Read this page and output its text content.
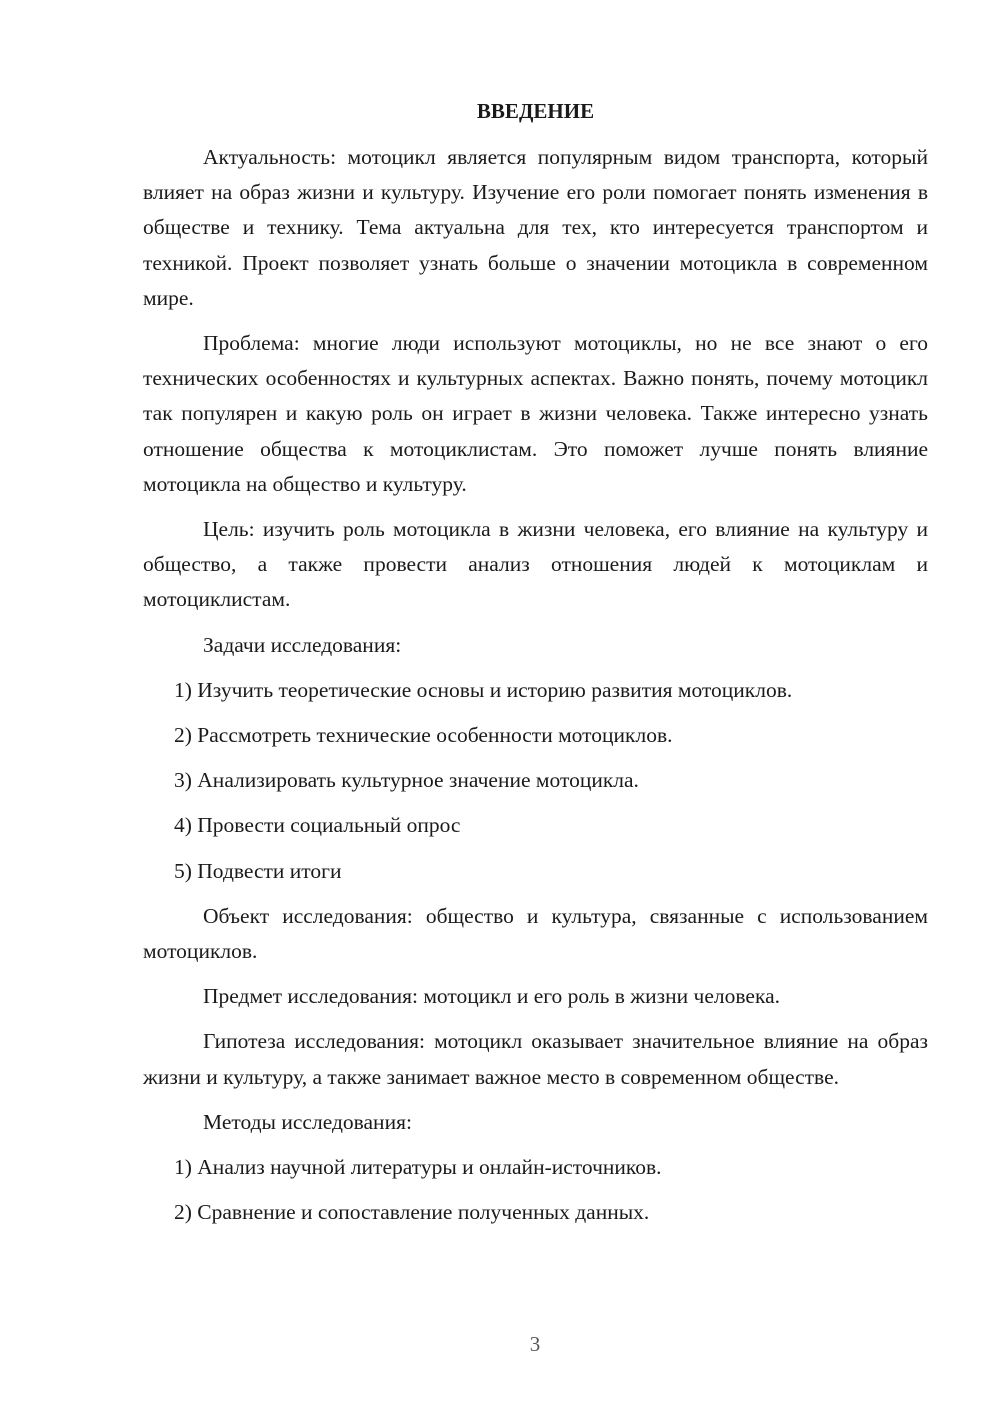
ВВЕДЕНИЕ

Актуальность: мотоцикл является популярным видом транспорта, который влияет на образ жизни и культуру. Изучение его роли помогает понять изменения в обществе и технику. Тема актуальна для тех, кто интересуется транспортом и техникой. Проект позволяет узнать больше о значении мотоцикла в современном мире.

Проблема: многие люди используют мотоциклы, но не все знают о его технических особенностях и культурных аспектах. Важно понять, почему мотоцикл так популярен и какую роль он играет в жизни человека. Также интересно узнать отношение общества к мотоциклистам. Это поможет лучше понять влияние мотоцикла на общество и культуру.

Цель: изучить роль мотоцикла в жизни человека, его влияние на культуру и общество, а также провести анализ отношения людей к мотоциклам и мотоциклистам.

Задачи исследования:

1) Изучить теоретические основы и историю развития мотоциклов.

2) Рассмотреть технические особенности мотоциклов.

3) Анализировать культурное значение мотоцикла.

4) Провести социальный опрос

5) Подвести итоги

Объект исследования: общество и культура, связанные с использованием мотоциклов.

Предмет исследования: мотоцикл и его роль в жизни человека.

Гипотеза исследования: мотоцикл оказывает значительное влияние на образ жизни и культуру, а также занимает важное место в современном обществе.

Методы исследования:

1) Анализ научной литературы и онлайн-источников.

2) Сравнение и сопоставление полученных данных.

3
